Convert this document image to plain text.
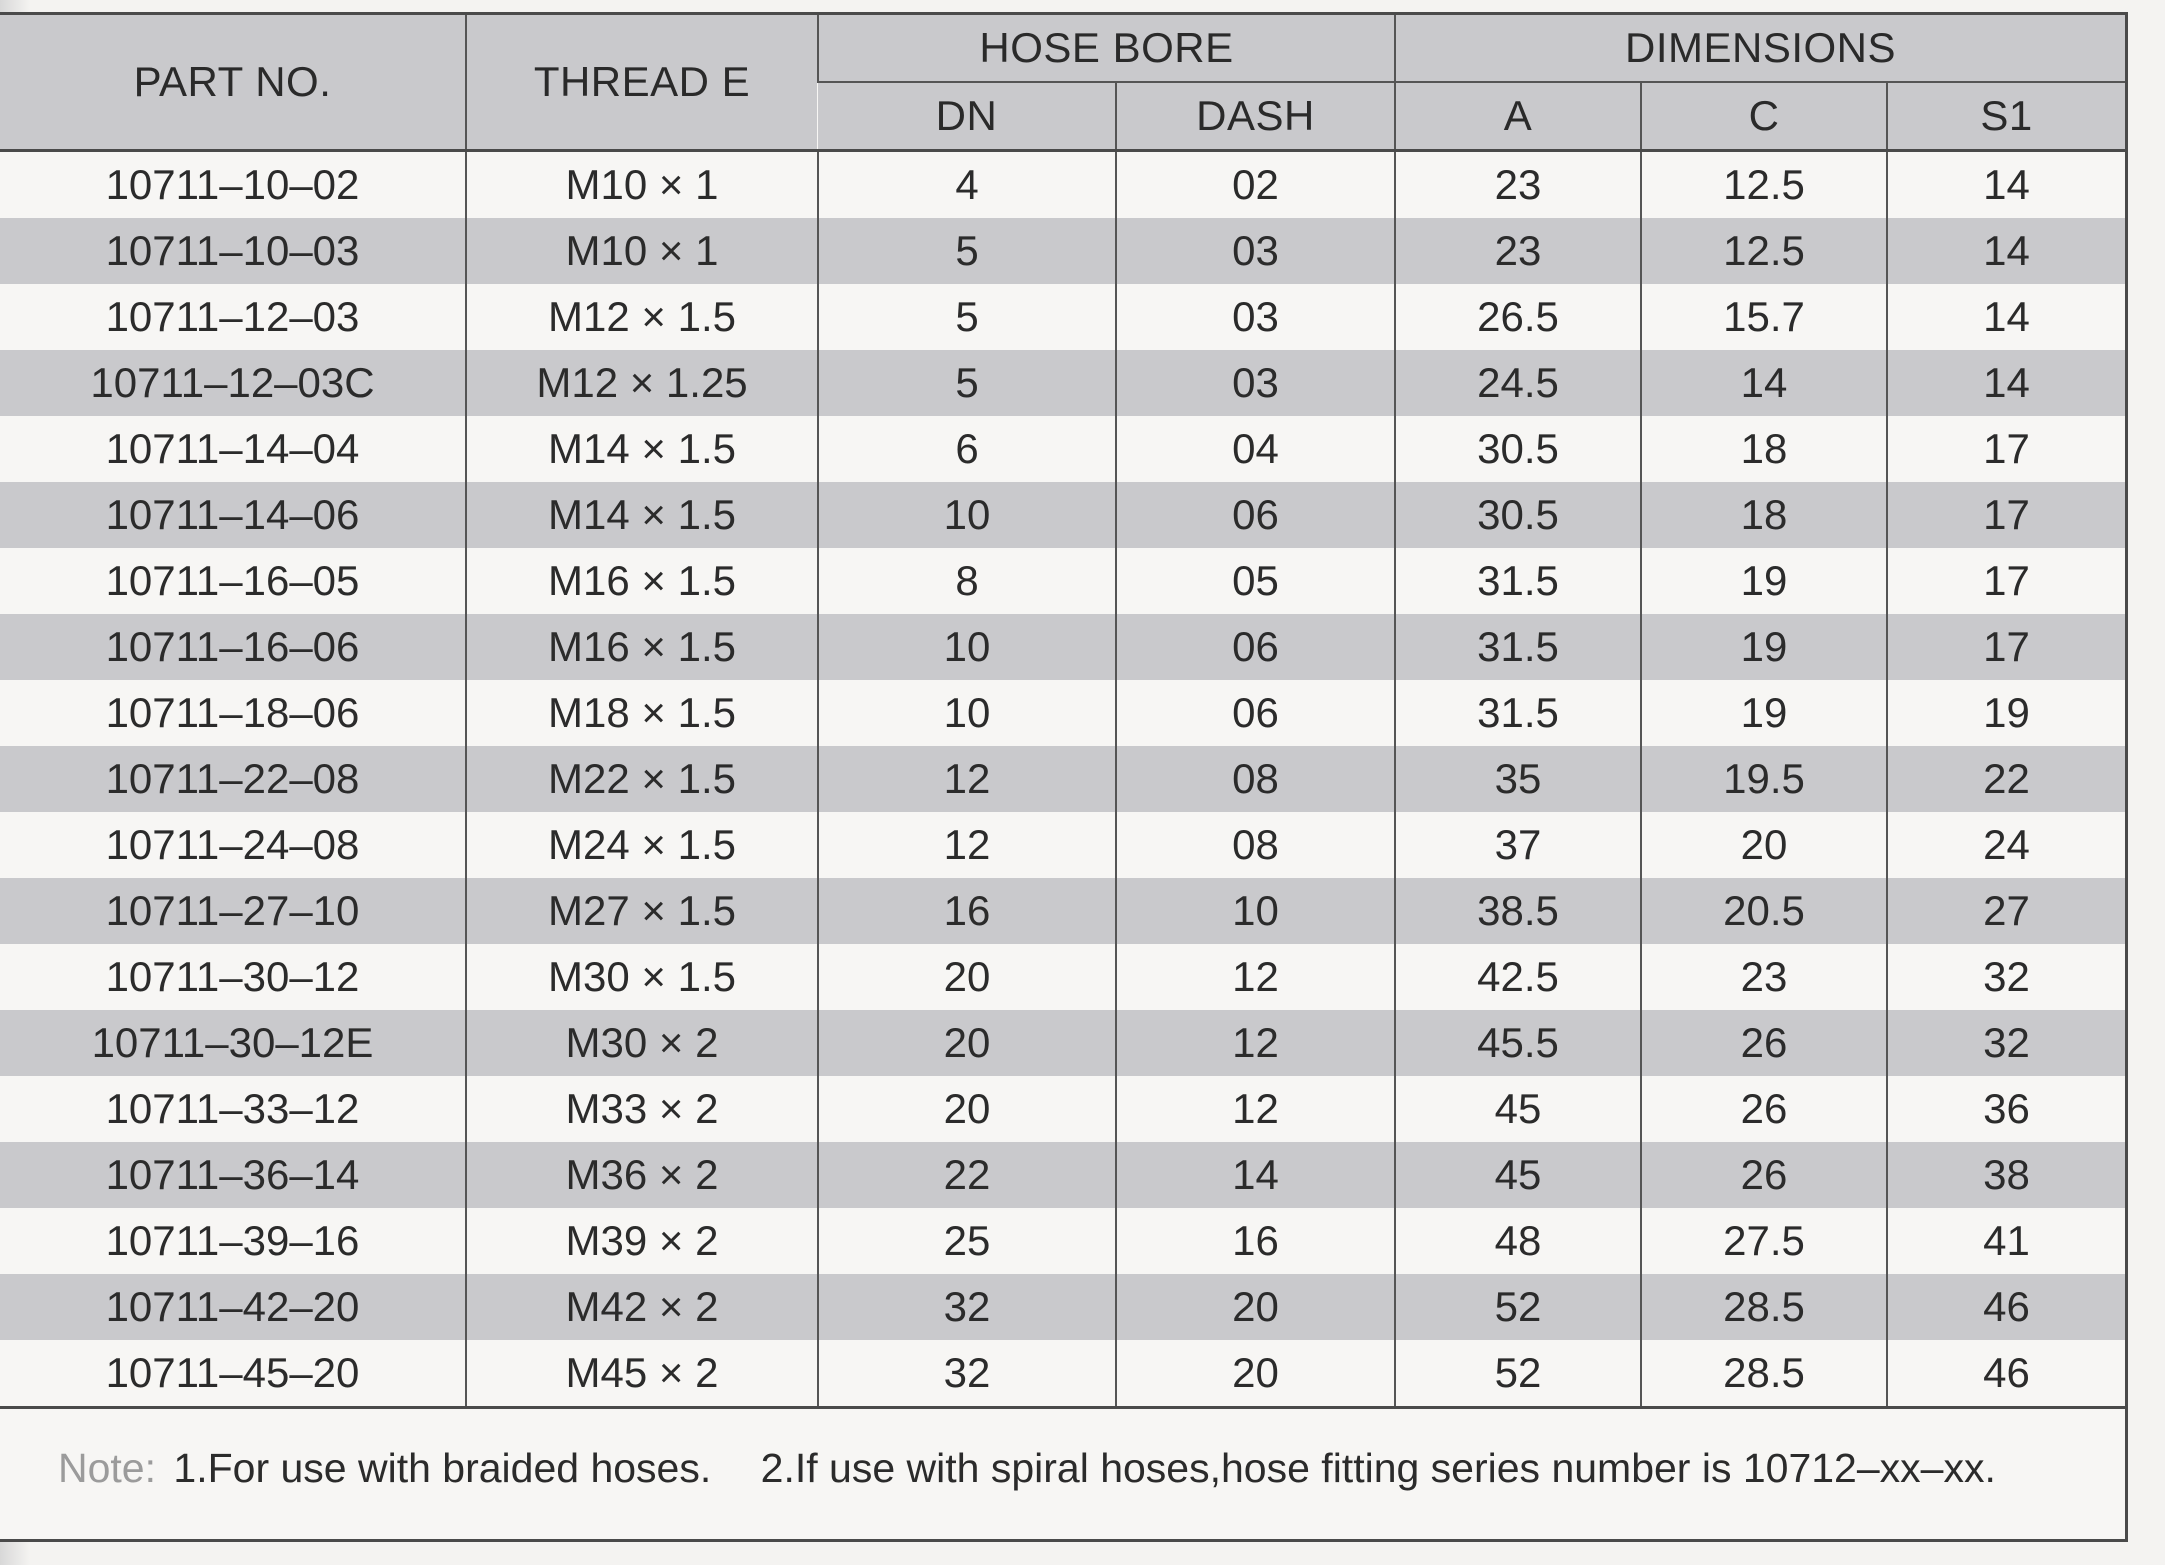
PART NO.	THREAD E	HOSE BORE		DIMENSIONS		
		DN	DASH	A	C	S1
10711–10–02	M10 × 1	4	02	23	12.5	14
10711–10–03	M10 × 1	5	03	23	12.5	14
10711–12–03	M12 × 1.5	5	03	26.5	15.7	14
10711–12–03C	M12 × 1.25	5	03	24.5	14	14
10711–14–04	M14 × 1.5	6	04	30.5	18	17
10711–14–06	M14 × 1.5	10	06	30.5	18	17
10711–16–05	M16 × 1.5	8	05	31.5	19	17
10711–16–06	M16 × 1.5	10	06	31.5	19	17
10711–18–06	M18 × 1.5	10	06	31.5	19	19
10711–22–08	M22 × 1.5	12	08	35	19.5	22
10711–24–08	M24 × 1.5	12	08	37	20	24
10711–27–10	M27 × 1.5	16	10	38.5	20.5	27
10711–30–12	M30 × 1.5	20	12	42.5	23	32
10711–30–12E	M30 × 2	20	12	45.5	26	32
10711–33–12	M33 × 2	20	12	45	26	36
10711–36–14	M36 × 2	22	14	45	26	38
10711–39–16	M39 × 2	25	16	48	27.5	41
10711–42–20	M42 × 2	32	20	52	28.5	46
10711–45–20	M45 × 2	32	20	52	28.5	46
Note: 1.For use with braided hoses. 2.If use with spiral hoses,hose fitting series number is 10712–xx–xx.
